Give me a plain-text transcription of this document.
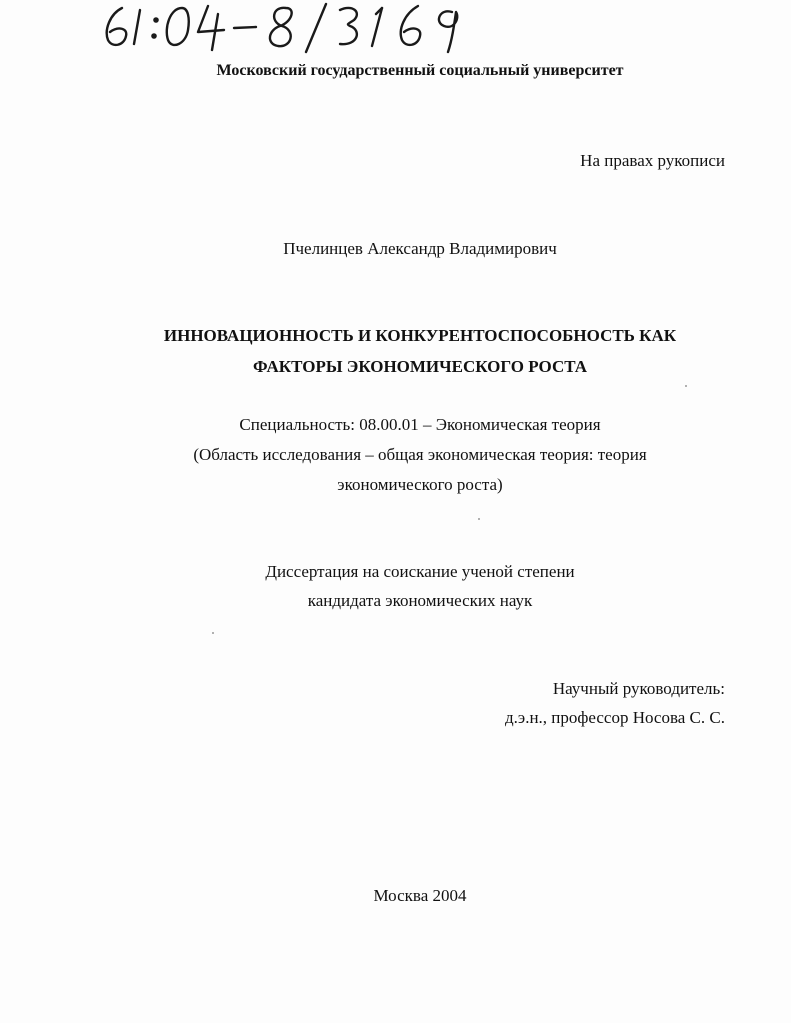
Московский государственный социальный университет
На правах рукописи
Пчелинцев Александр Владимирович
ИННОВАЦИОННОСТЬ И КОНКУРЕНТОСПОСОБНОСТЬ КАК
ФАКТОРЫ ЭКОНОМИЧЕСКОГО РОСТА
Специальность: 08.00.01 – Экономическая теория
(Область исследования – общая экономическая теория: теория
экономического роста)
Диссертация на соискание ученой степени
кандидата экономических наук
Научный руководитель:
д.э.н., профессор Носова С. С.
Москва 2004
